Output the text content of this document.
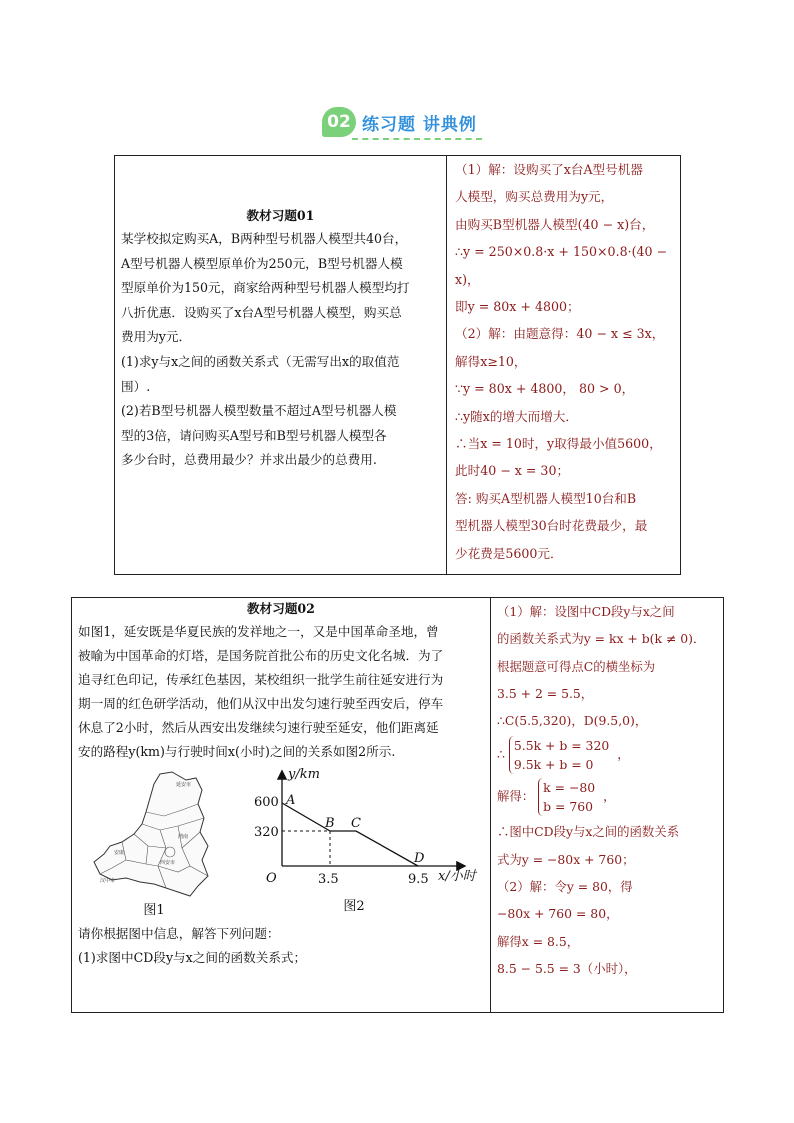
02 练习题 讲典例
教材习题01
某学校拟定购买A，B两种型号机器人模型共40台，
A型号机器人模型原单价为250元，B型号机器人模
型原单价为150元，商家给两种型号机器人模型均打
八折优惠．设购买了x台A型号机器人模型，购买总
费用为y元．
(1)求y与x之间的函数关系式（无需写出x的取值范
围）.
(2)若B型号机器人模型数量不超过A型号机器人模
型的3倍，请问购买A型号和B型号机器人模型各
多少台时，总费用最少？并求出最少的总费用.

（1）解：设购买了x台A型号机器
人模型，购买总费用为y元，
由购买B型机器人模型(40 − x)台，
∴y = 250×0.8·x + 150×0.8·(40 − x)，
即y = 80x + 4800；
（2）解：由题意得：40 − x ≤ 3x，
解得x≥10，
∵y = 80x + 4800， 80 > 0，
∴y随x的增大而增大．
∴当x = 10时，y取得最小值5600，
此时40 − x = 30；
答: 购买A型机器人模型10台和B
型机器人模型30台时花费最少，最
少花费是5600元．
教材习题02
如图1，延安既是华夏民族的发祥地之一，又是中国革命圣地，曾
被喻为中国革命的灯塔，是国务院首批公布的历史文化名城．为了
追寻红色印记，传承红色基因，某校组织一批学生前往延安进行为
期一周的红色研学活动，他们从汉中出发匀速行驶至西安后，停车
休息了2小时，然后从西安出发继续匀速行驶至延安，他们距离延
安的路程y(km)与行驶时间x(小时)之间的关系如图2所示.
延安市
安康
西安市
渭南
汉中市
图1
y/km
x/小时
O
600
320
3.5	9.5
A
B C
D
图2
请你根据图中信息，解答下列问题：
(1)求图中CD段y与x之间的函数关系式；

（1）解：设图中CD段y与x之间
的函数关系式为y = kx + b(k ≠ 0)．
根据题意可得点C的横坐标为
3.5 + 2 = 5.5，
∴C(5.5,320)，D(9.5,0)，
∴
5.5k + b = 320
9.5k + b = 0
，
解得：
k = −80
b = 760
，
∴图中CD段y与x之间的函数关系
式为y = −80x + 760；
（2）解：令y = 80，得
−80x + 760 = 80，
解得x = 8.5，
8.5 − 5.5 = 3（小时），
